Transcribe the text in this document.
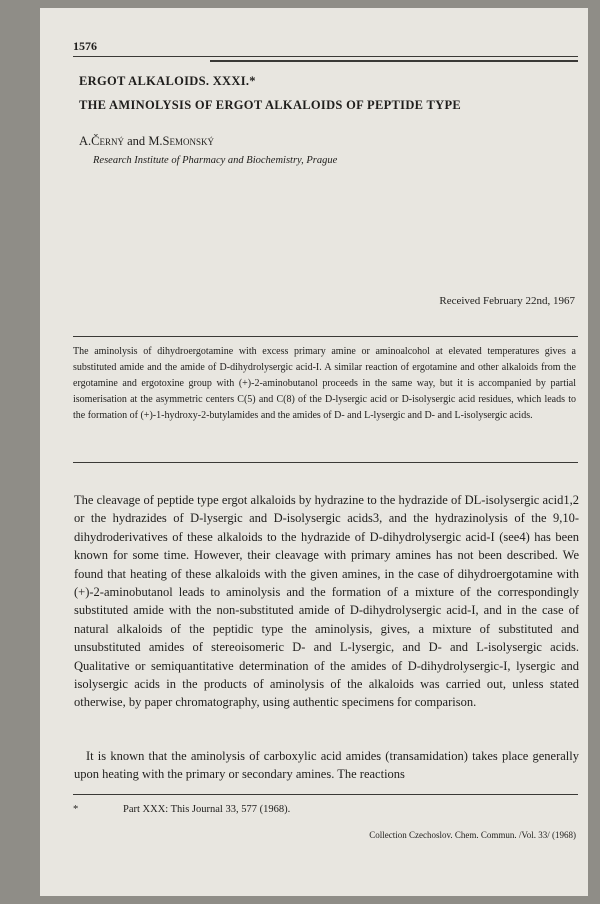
1576
ERGOT ALKALOIDS. XXXI.*
THE AMINOLYSIS OF ERGOT ALKALOIDS OF PEPTIDE TYPE
A.Černý and M.Semonský
Research Institute of Pharmacy and Biochemistry, Prague
Received February 22nd, 1967
The aminolysis of dihydroergotamine with excess primary amine or aminoalcohol at elevated temperatures gives a substituted amide and the amide of D-dihydrolysergic acid-I. A similar reaction of ergotamine and other alkaloids from the ergotamine and ergotoxine group with (+)-2-aminobutanol proceeds in the same way, but it is accompanied by partial isomerisation at the asymmetric centers C(5) and C(8) of the D-lysergic acid or D-isolysergic acid residues, which leads to the formation of (+)-1-hydroxy-2-butylamides and the amides of D- and L-lysergic and D- and L-isolysergic acids.
The cleavage of peptide type ergot alkaloids by hydrazine to the hydrazide of DL-isolysergic acid1,2 or the hydrazides of D-lysergic and D-isolysergic acids3, and the hydrazinolysis of the 9,10-dihydroderivatives of these alkaloids to the hydrazide of D-dihydrolysergic acid-I (see4) has been known for some time. However, their cleavage with primary amines has not been described. We found that heating of these alkaloids with the given amines, in the case of dihydroergotamine with (+)-2-aminobutanol leads to aminolysis and the formation of a mixture of the correspondingly substituted amide with the non-substituted amide of D-dihydrolysergic acid-I, and in the case of natural alkaloids of the peptidic type the aminolysis, gives, a mixture of substituted and unsubstituted amides of stereoisomeric D- and L-lysergic, and D- and L-isolysergic acids. Qualitative or semiquantitative determination of the amides of D-dihydrolysergic-I, lysergic and isolysergic acids in the products of aminolysis of the alkaloids was carried out, unless stated otherwise, by paper chromatography, using authentic specimens for comparison.
It is known that the aminolysis of carboxylic acid amides (transamidation) takes place generally upon heating with the primary or secondary amines. The reactions
*	Part XXX: This Journal 33, 577 (1968).
Collection Czechoslov. Chem. Commun. /Vol. 33/ (1968)
